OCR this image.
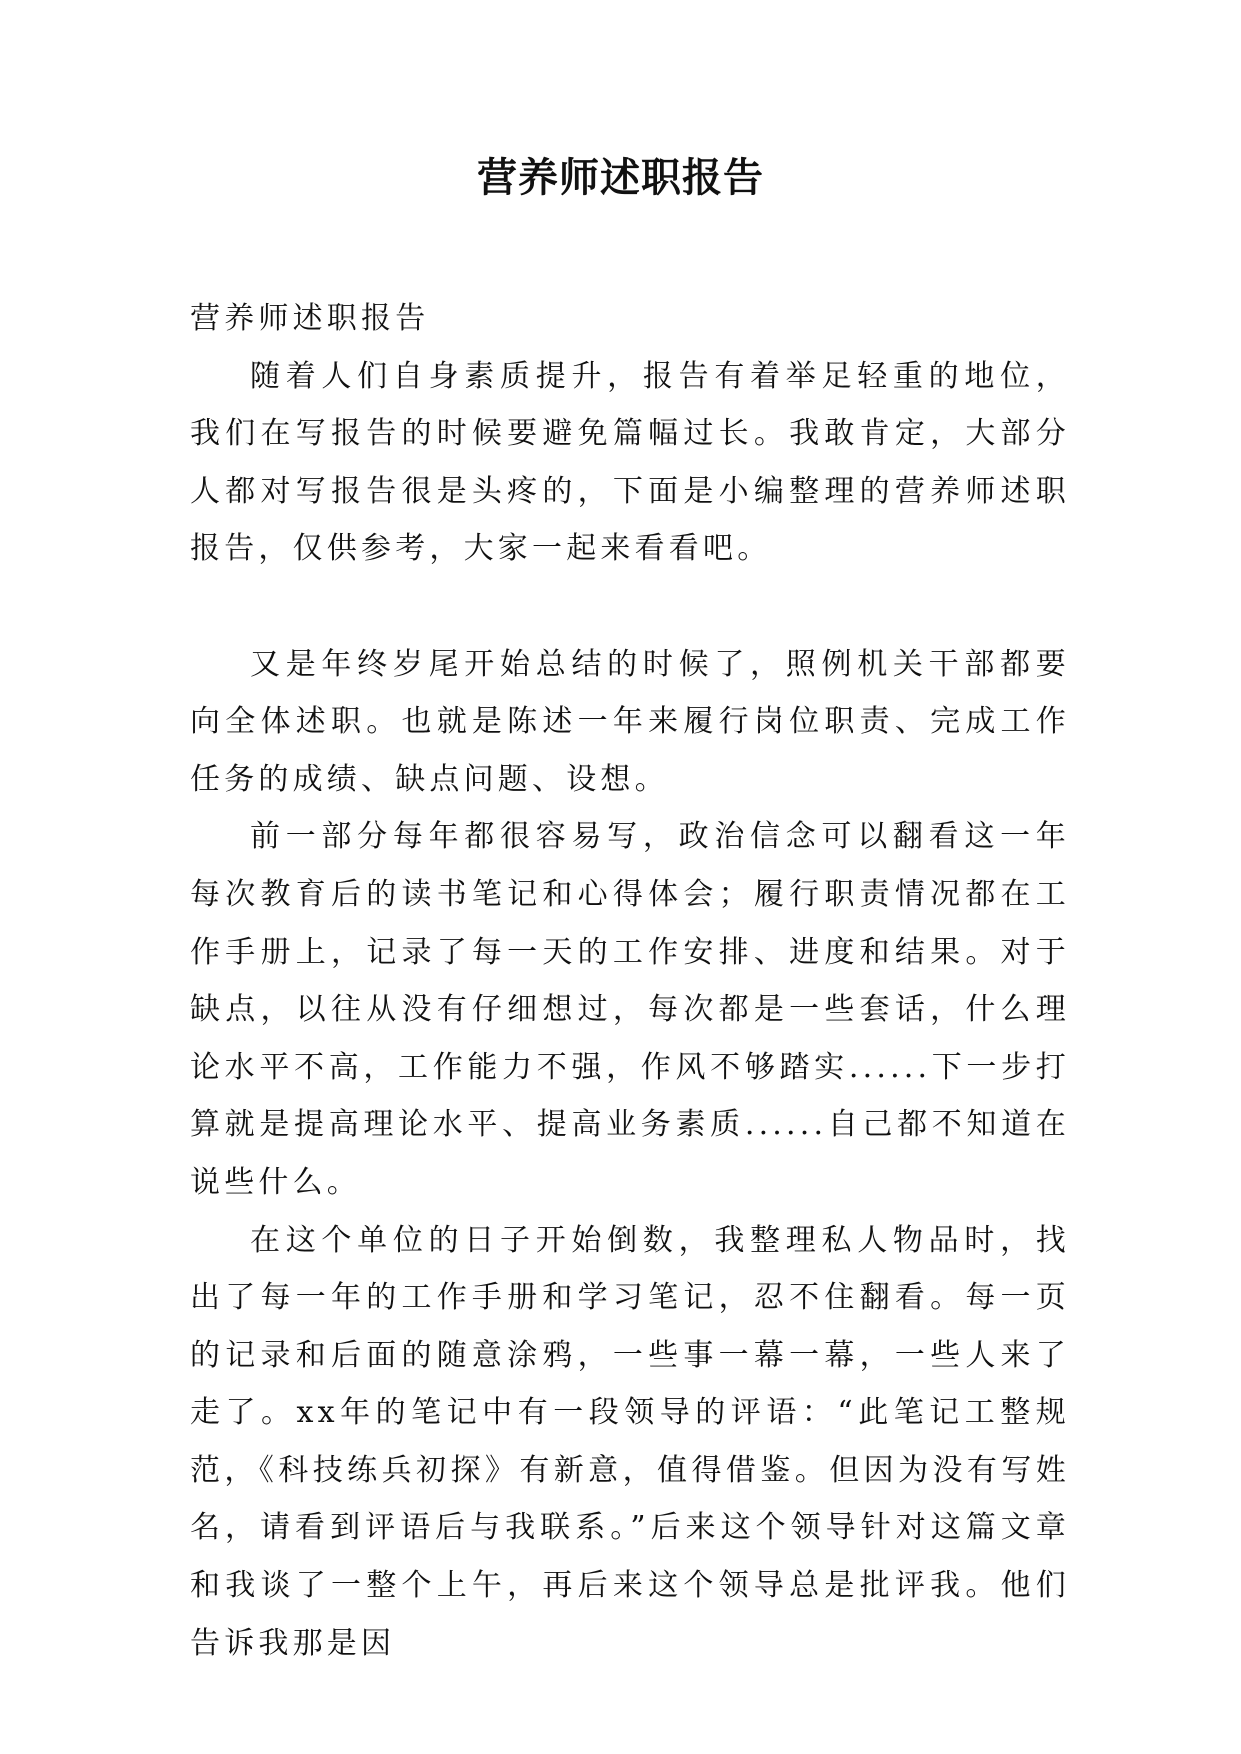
营养师述职报告

营养师述职报告

随着人们自身素质提升，报告有着举足轻重的地位，我们在写报告的时候要避免篇幅过长。我敢肯定，大部分人都对写报告很是头疼的，下面是小编整理的营养师述职报告，仅供参考，大家一起来看看吧。

又是年终岁尾开始总结的时候了，照例机关干部都要向全体述职。也就是陈述一年来履行岗位职责、完成工作任务的成绩、缺点问题、设想。

前一部分每年都很容易写，政治信念可以翻看这一年每次教育后的读书笔记和心得体会；履行职责情况都在工作手册上，记录了每一天的工作安排、进度和结果。对于缺点，以往从没有仔细想过，每次都是一些套话，什么理论水平不高，工作能力不强，作风不够踏实......下一步打算就是提高理论水平、提高业务素质......自己都不知道在说些什么。

在这个单位的日子开始倒数，我整理私人物品时，找出了每一年的工作手册和学习笔记，忍不住翻看。每一页的记录和后面的随意涂鸦，一些事一幕一幕，一些人来了走了。xx年的笔记中有一段领导的评语：“此笔记工整规范，《科技练兵初探》有新意，值得借鉴。但因为没有写姓名，请看到评语后与我联系。”后来这个领导针对这篇文章和我谈了一整个上午，再后来这个领导总是批评我。他们告诉我那是因
